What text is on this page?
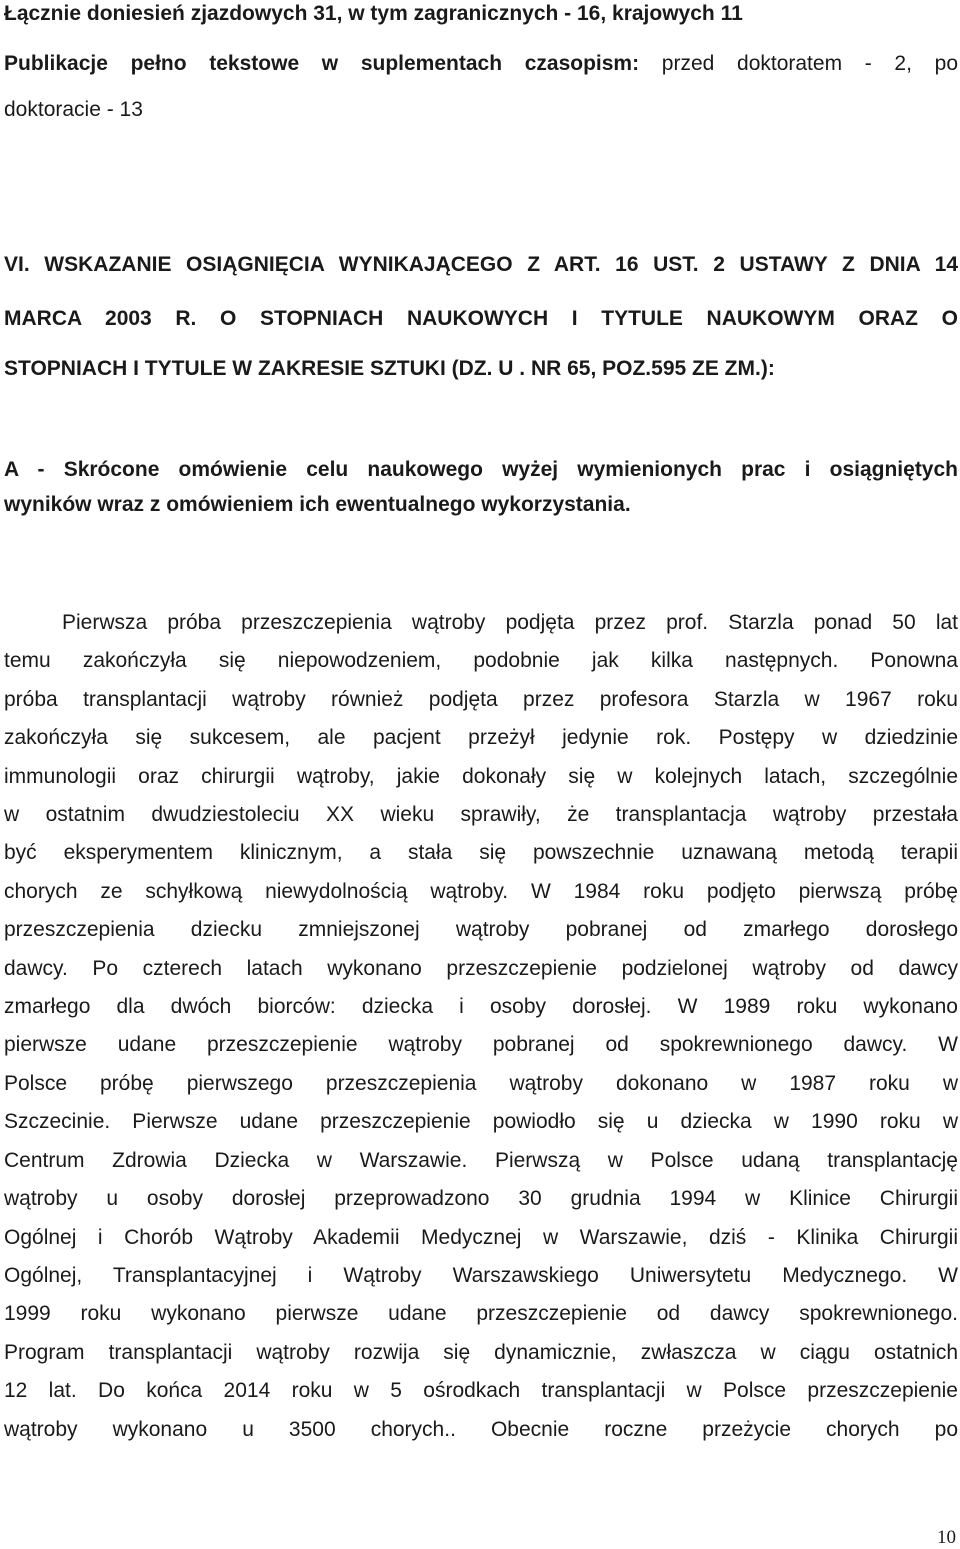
Łącznie doniesień zjazdowych 31, w tym zagranicznych - 16, krajowych 11

Publikacje pełno tekstowe w suplementach czasopism: przed doktoratem - 2, po

doktoracie - 13

VI. WSKAZANIE OSIĄGNIĘCIA WYNIKAJĄCEGO Z ART. 16 UST. 2 USTAWY Z DNIA 14

MARCA 2003 R. O STOPNIACH NAUKOWYCH I TYTULE NAUKOWYM ORAZ O

STOPNIACH I TYTULE W ZAKRESIE SZTUKI (DZ. U . NR 65, POZ.595 ZE ZM.):

A - Skrócone omówienie celu naukowego wyżej wymienionych prac i osiągniętych

wyników wraz z omówieniem ich ewentualnego wykorzystania.

Pierwsza próba przeszczepienia wątroby podjęta przez prof. Starzla ponad 50 lat

temu zakończyła się niepowodzeniem, podobnie jak kilka następnych. Ponowna

próba transplantacji wątroby również podjęta przez profesora Starzla w 1967 roku

zakończyła się sukcesem, ale pacjent przeżył jedynie rok. Postępy w dziedzinie

immunologii oraz chirurgii wątroby, jakie dokonały się w kolejnych latach, szczególnie

w ostatnim dwudziestoleciu XX wieku sprawiły, że transplantacja wątroby przestała

być eksperymentem klinicznym, a stała się powszechnie uznawaną metodą terapii

chorych ze schyłkową niewydolnością wątroby. W 1984 roku podjęto pierwszą próbę

przeszczepienia dziecku zmniejszonej wątroby pobranej od zmarłego dorosłego

dawcy. Po czterech latach wykonano przeszczepienie podzielonej wątroby od dawcy

zmarłego dla dwóch biorców: dziecka i osoby dorosłej. W 1989 roku wykonano

pierwsze udane przeszczepienie wątroby pobranej od spokrewnionego dawcy. W

Polsce próbę pierwszego przeszczepienia wątroby dokonano w 1987 roku w

Szczecinie. Pierwsze udane przeszczepienie powiodło się u dziecka w 1990 roku w

Centrum Zdrowia Dziecka w Warszawie. Pierwszą w Polsce udaną transplantację

wątroby u osoby dorosłej przeprowadzono 30 grudnia 1994 w Klinice Chirurgii

Ogólnej i Chorób Wątroby Akademii Medycznej w Warszawie, dziś - Klinika Chirurgii

Ogólnej, Transplantacyjnej i Wątroby Warszawskiego Uniwersytetu Medycznego. W

1999 roku wykonano pierwsze udane przeszczepienie od dawcy spokrewnionego.

Program transplantacji wątroby rozwija się dynamicznie, zwłaszcza w ciągu ostatnich

12 lat. Do końca 2014 roku w 5 ośrodkach transplantacji w Polsce przeszczepienie

wątroby wykonano u 3500 chorych.. Obecnie roczne przeżycie chorych po

10
